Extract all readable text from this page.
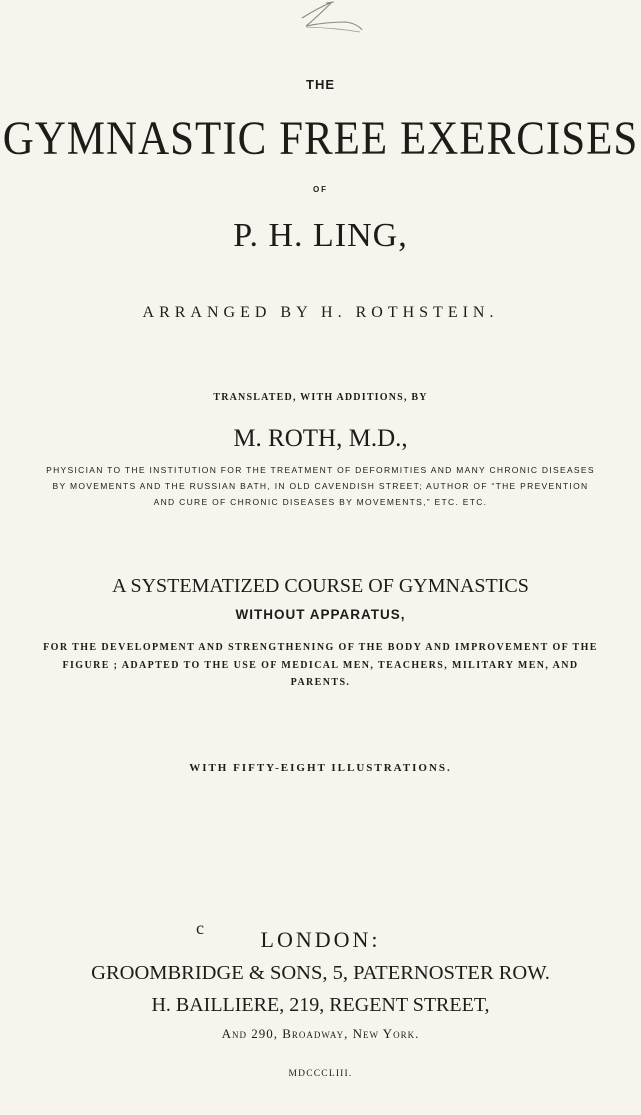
THE
GYMNASTIC FREE EXERCISES
OF
P. H. LING,
ARRANGED BY H. ROTHSTEIN.
TRANSLATED, WITH ADDITIONS, BY
M. ROTH, M.D.,
PHYSICIAN TO THE INSTITUTION FOR THE TREATMENT OF DEFORMITIES AND MANY CHRONIC DISEASES BY MOVEMENTS AND THE RUSSIAN BATH, IN OLD CAVENDISH STREET; AUTHOR OF “THE PREVENTION AND CURE OF CHRONIC DISEASES BY MOVEMENTS,” ETC. ETC.
A SYSTEMATIZED COURSE OF GYMNASTICS
WITHOUT APPARATUS,
FOR THE DEVELOPMENT AND STRENGTHENING OF THE BODY AND IMPROVEMENT OF THE FIGURE ; ADAPTED TO THE USE OF MEDICAL MEN, TEACHERS, MILITARY MEN, AND PARENTS.
WITH FIFTY-EIGHT ILLUSTRATIONS.
c	LONDON:
GROOMBRIDGE & SONS, 5, PATERNOSTER ROW.
H. BAILLIERE, 219, REGENT STREET,
And 290, Broadway, New York.
MDCCCLIII.
